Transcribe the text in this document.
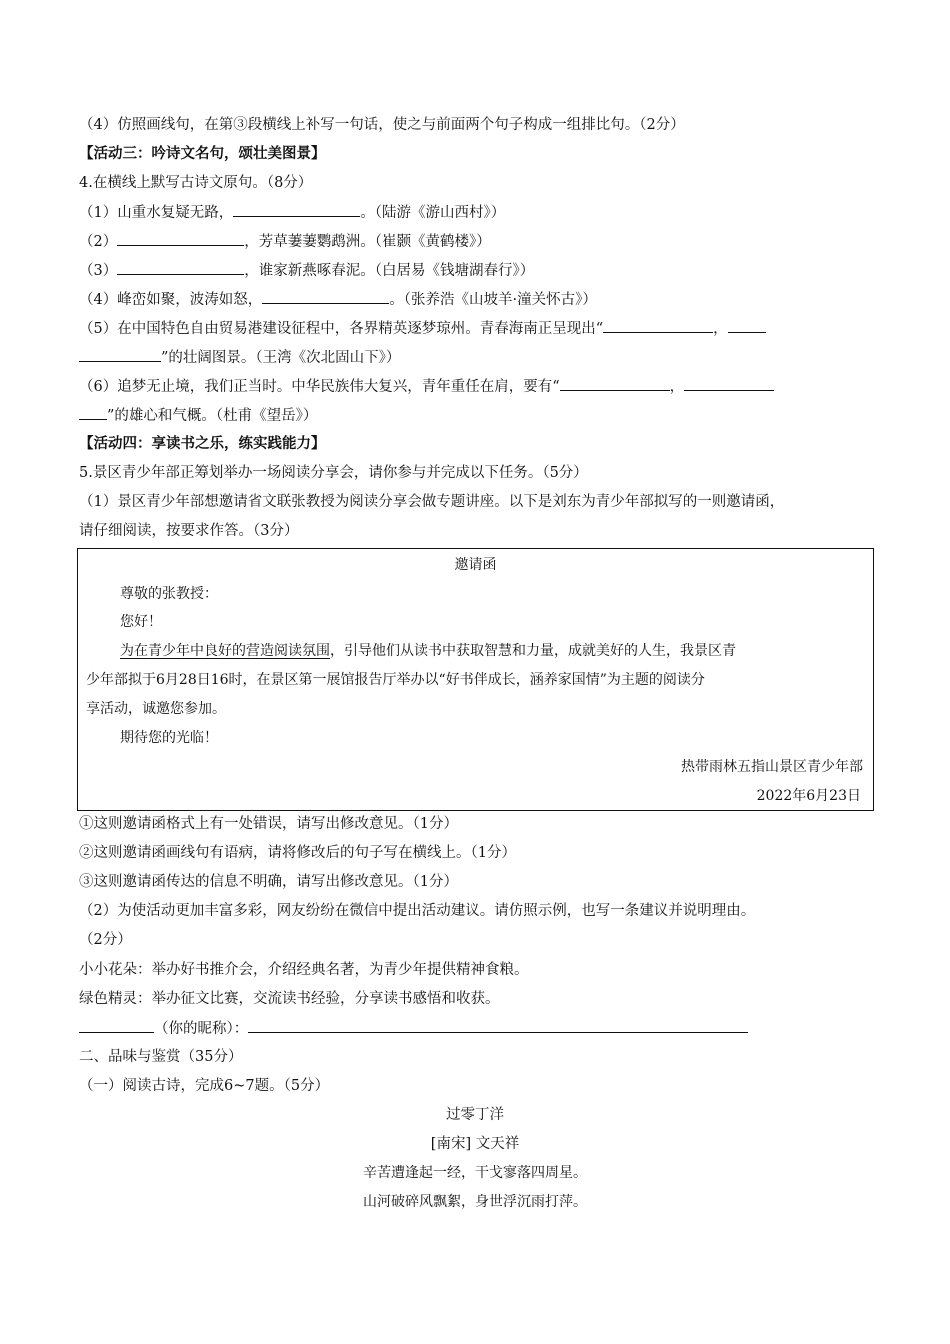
（4）仿照画线句，在第③段横线上补写一句话，使之与前面两个句子构成一组排比句。（2分）
【活动三：吟诗文名句，颂壮美图景】
4.在横线上默写古诗文原句。（8分）
（1）山重水复疑无路，	。（陆游《游山西村》）
（2）	，芳草萋萋鹦鹉洲。（崔颢《黄鹤楼》）
（3）	，谁家新燕啄春泥。（白居易《钱塘湖春行》）
（4）峰峦如聚，波涛如怒，	。（张养浩《山坡羊·潼关怀古》）
（5）在中国特色自由贸易港建设征程中，各界精英逐梦琼州。青春海南正呈现出“	，
”的壮阔图景。（王湾《次北固山下》）
（6）追梦无止境，我们正当时。中华民族伟大复兴，青年重任在肩，要有“	，
”的雄心和气概。（杜甫《望岳》）
【活动四：享读书之乐，练实践能力】
5.景区青少年部正筹划举办一场阅读分享会，请你参与并完成以下任务。（5分）
（1）景区青少年部想邀请省文联张教授为阅读分享会做专题讲座。以下是刘东为青少年部拟写的一则邀请函，
请仔细阅读，按要求作答。（3分）
邀请函
尊敬的张教授：
您好！
为在青少年中良好的营造阅读氛围，引导他们从读书中获取智慧和力量，成就美好的人生，我景区青
少年部拟于6月28日16时，在景区第一展馆报告厅举办以“好书伴成长，涵养家国情”为主题的阅读分
享活动，诚邀您参加。
期待您的光临！
热带雨林五指山景区青少年部
2022年6月23日
①这则邀请函格式上有一处错误，请写出修改意见。（1分）
②这则邀请函画线句有语病，请将修改后的句子写在横线上。（1分）
③这则邀请函传达的信息不明确，请写出修改意见。（1分）
（2）为使活动更加丰富多彩，网友纷纷在微信中提出活动建议。请仿照示例，也写一条建议并说明理由。
（2分）
小小花朵：举办好书推介会，介绍经典名著，为青少年提供精神食粮。
绿色精灵：举办征文比赛，交流读书经验，分享读书感悟和收获。
（你的昵称）：
二、品味与鉴赏（35分）
（一）阅读古诗，完成6~7题。（5分）
过零丁洋
[南宋] 文天祥
辛苦遭逢起一经，干戈寥落四周星。
山河破碎风飘絮，身世浮沉雨打萍。
